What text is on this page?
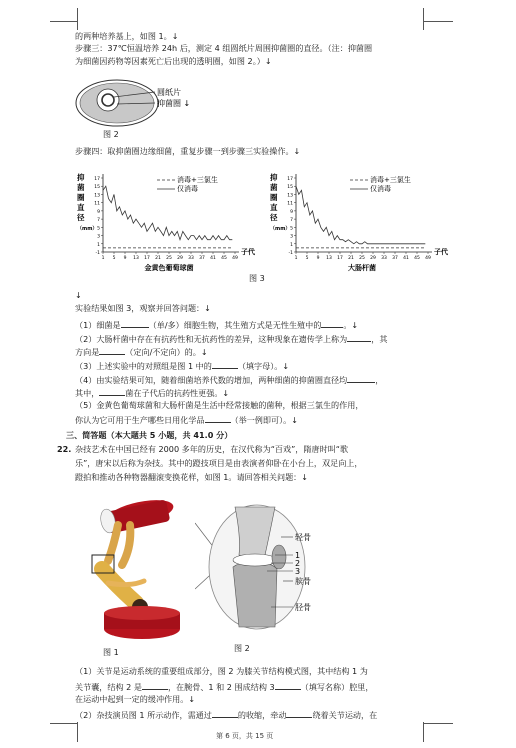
的两种培养基上，如图 1。↓
步骤三：37℃恒温培养 24h 后，测定 4 组圆纸片周围抑菌圈的直径。（注：抑菌圈
为细菌因药物等因素死亡后出现的透明圈，如图 2。）↓
圆纸片
抑菌圈 ↓
图 2
步骤四：取抑菌圈边缘细菌，重复步骤一到步骤三实验操作。↓
抑
菌
圈
直
径
（mm）
17
15
13
11
9
7
5
3
1
-1
1 5 9 13 17 21 25 29 33 37 41 45 49
子代
消毒+三氯生
仅消毒
金黄色葡萄球菌
抑
菌
圈
直
径
（mm）
17
15
13
11
9
7
5
3
1
-1
1 5 9 13 17 21 25 29 33 37 41 45 49
子代
消毒+三氯生
仅消毒
大肠杆菌
图 3
↓
实验结果如图 3，观察并回答问题：↓
（1）细菌是	（单/多）细胞生物，其生殖方式是无性生殖中的	。↓
（2）大肠杆菌中存在有抗药性和无抗药性的差异，这种现象在遗传学上称为	，其
方向是	（定向/不定向）的。↓
（3）上述实验中的对照组是图 1 中的	（填字母）。↓
（4）由实验结果可知，随着细菌培养代数的增加，两种细菌的抑菌圈直径均	，
其中，	菌在子代后的抗药性更强。↓
（5）金黄色葡萄球菌和大肠杆菌是生活中经常接触的菌种，根据三氯生的作用，
你认为它可用于生产哪些日用化学品	（举一例即可）。↓
三、简答题（本大题共 5 小题，共 41.0 分）
22. 杂技艺术在中国已经有 2000 多年的历史，在汉代称为“百戏”，隋唐时叫“歌
乐”，唐宋以后称为杂技。其中的蹬技项目是由表演者仰卧在小台上，双足向上，
蹬拍和推动各种物器翻滚变换花样，如图 1。请回答相关问题：↓
图 1
轻骨
1
2
3
膑骨
胫骨
图 2
（1）关节是运动系统的重要组成部分，图 2 为膝关节结构模式图，其中结构 1 为
关节囊，结构 2 是	，在腕骨、1 和 2 围成结构 3	（填写名称）腔里，
在运动中起到一定的缓冲作用。↓
（2）杂技演员图 1 所示动作，需通过	的收缩，牵动	绕着关节运动，在
第 6 页，共 15 页
